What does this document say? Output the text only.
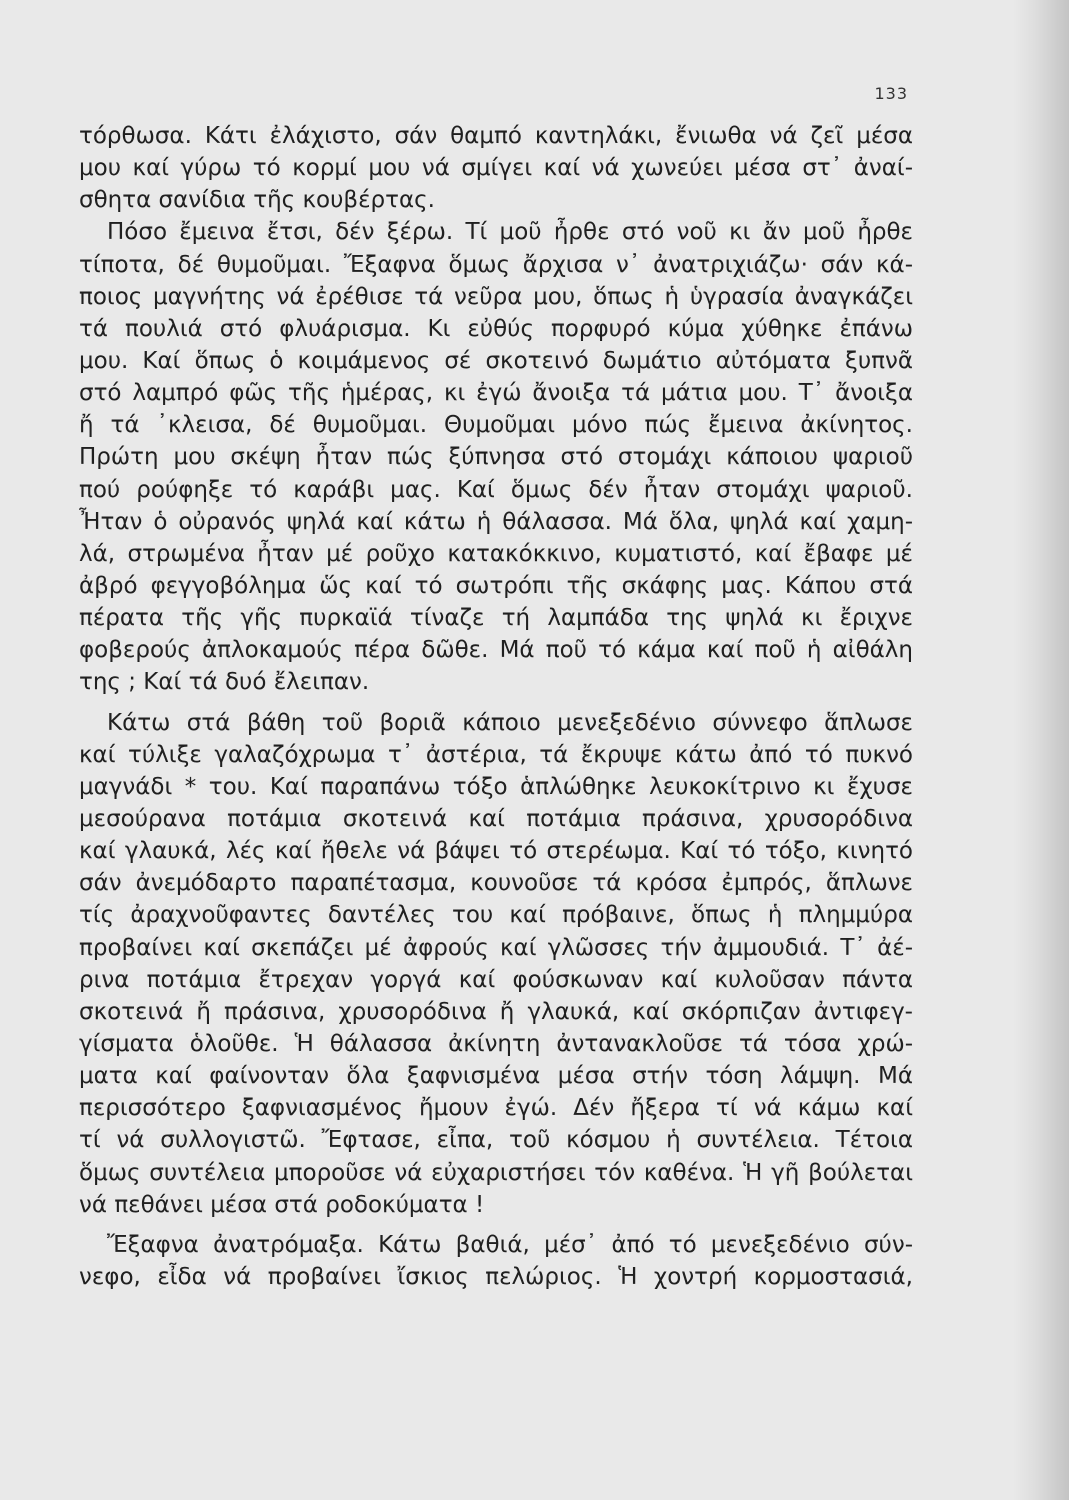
133
τόρθωσα. Κάτι ἐλάχιστο, σάν θαμπό καντηλάκι, ἔνιωθα νά ζεῖ μέσα
μου καί γύρω τό κορμί μου νά σμίγει καί νά χωνεύει μέσα στ᾽ ἀναί-
σθητα σανίδια τῆς κουβέρτας.
Πόσο ἔμεινα ἔτσι, δέν ξέρω. Τί μοῦ ἦρθε στό νοῦ κι ἄν μοῦ ἦρθε
τίποτα, δέ θυμοῦμαι. Ἔξαφνα ὅμως ἄρχισα ν᾽ ἀνατριχιάζω· σάν κά-
ποιος μαγνήτης νά ἐρέθισε τά νεῦρα μου, ὅπως ἡ ὑγρασία ἀναγκάζει
τά πουλιά στό φλυάρισμα. Κι εὐθύς πορφυρό κύμα χύθηκε ἐπάνω
μου. Καί ὅπως ὁ κοιμάμενος σέ σκοτεινό δωμάτιο αὐτόματα ξυπνᾶ
στό λαμπρό φῶς τῆς ἡμέρας, κι ἐγώ ἄνοιξα τά μάτια μου. Τ᾽ ἄνοιξα
ἤ τά ᾽κλεισα, δέ θυμοῦμαι. Θυμοῦμαι μόνο πώς ἔμεινα ἀκίνητος.
Πρώτη μου σκέψη ἦταν πώς ξύπνησα στό στομάχι κάποιου ψαριοῦ
πού ρούφηξε τό καράβι μας. Καί ὅμως δέν ἦταν στομάχι ψαριοῦ.
Ἦταν ὁ οὐρανός ψηλά καί κάτω ἡ θάλασσα. Μά ὅλα, ψηλά καί χαμη-
λά, στρωμένα ἦταν μέ ροῦχο κατακόκκινο, κυματιστό, καί ἔβαφε μέ
ἀβρό φεγγοβόλημα ὥς καί τό σωτρόπι τῆς σκάφης μας. Κάπου στά
πέρατα τῆς γῆς πυρκαϊά τίναζε τή λαμπάδα της ψηλά κι ἔριχνε
φοβερούς ἀπλοκαμούς πέρα δῶθε. Μά ποῦ τό κάμα καί ποῦ ἡ αἰθάλη
της ; Καί τά δυό ἔλειπαν.
Κάτω στά βάθη τοῦ βοριᾶ κάποιο μενεξεδένιο σύννεφο ἅπλωσε
καί τύλιξε γαλαζόχρωμα τ᾽ ἀστέρια, τά ἔκρυψε κάτω ἀπό τό πυκνό
μαγνάδι * του. Καί παραπάνω τόξο ἁπλώθηκε λευκοκίτρινο κι ἔχυσε
μεσούρανα ποτάμια σκοτεινά καί ποτάμια πράσινα, χρυσορόδινα
καί γλαυκά, λές καί ἤθελε νά βάψει τό στερέωμα. Καί τό τόξο, κινητό
σάν ἀνεμόδαρτο παραπέτασμα, κουνοῦσε τά κρόσα ἐμπρός, ἅπλωνε
τίς ἀραχνοῦφαντες δαντέλες του καί πρόβαινε, ὅπως ἡ πλημμύρα
προβαίνει καί σκεπάζει μέ ἀφρούς καί γλῶσσες τήν ἀμμουδιά. Τ᾽ ἀέ-
ρινα ποτάμια ἔτρεχαν γοργά καί φούσκωναν καί κυλοῦσαν πάντα
σκοτεινά ἤ πράσινα, χρυσορόδινα ἤ γλαυκά, καί σκόρπιζαν ἀντιφεγ-
γίσματα ὁλοῦθε. Ἡ θάλασσα ἀκίνητη ἀντανακλοῦσε τά τόσα χρώ-
ματα καί φαίνονταν ὅλα ξαφνισμένα μέσα στήν τόση λάμψη. Μά
περισσότερο ξαφνιασμένος ἤμουν ἐγώ. Δέν ἤξερα τί νά κάμω καί
τί νά συλλογιστῶ. Ἔφτασε, εἶπα, τοῦ κόσμου ἡ συντέλεια. Τέτοια
ὅμως συντέλεια μποροῦσε νά εὐχαριστήσει τόν καθένα. Ἡ γῆ βούλεται
νά πεθάνει μέσα στά ροδοκύματα !
Ἔξαφνα ἀνατρόμαξα. Κάτω βαθιά, μέσ᾽ ἀπό τό μενεξεδένιο σύν-
νεφο, εἶδα νά προβαίνει ἴσκιος πελώριος. Ἡ χοντρή κορμοστασιά,
